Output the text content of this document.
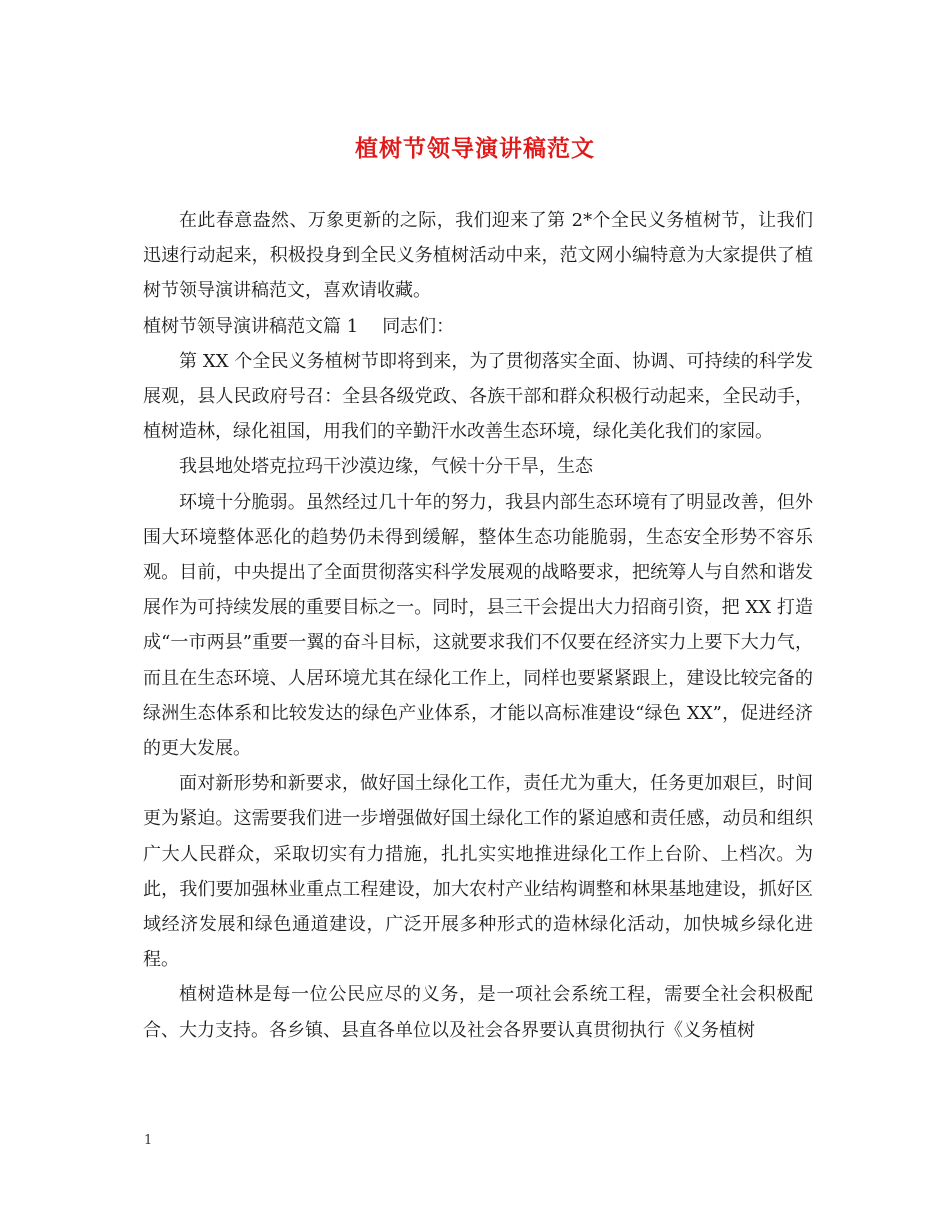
植树节领导演讲稿范文

在此春意盎然、万象更新的之际，我们迎来了第 2*个全民义务植树节，让我们迅速行动起来，积极投身到全民义务植树活动中来，范文网小编特意为大家提供了植树节领导演讲稿范文，喜欢请收藏。

植树节领导演讲稿范文篇 1 同志们：

第 XX 个全民义务植树节即将到来，为了贯彻落实全面、协调、可持续的科学发展观，县人民政府号召：全县各级党政、各族干部和群众积极行动起来，全民动手，植树造林，绿化祖国，用我们的辛勤汗水改善生态环境，绿化美化我们的家园。

我县地处塔克拉玛干沙漠边缘，气候十分干旱，生态

环境十分脆弱。虽然经过几十年的努力，我县内部生态环境有了明显改善，但外围大环境整体恶化的趋势仍未得到缓解，整体生态功能脆弱，生态安全形势不容乐观。目前，中央提出了全面贯彻落实科学发展观的战略要求，把统筹人与自然和谐发展作为可持续发展的重要目标之一。同时，县三干会提出大力招商引资，把 XX 打造成“一市两县”重要一翼的奋斗目标，这就要求我们不仅要在经济实力上要下大力气，而且在生态环境、人居环境尤其在绿化工作上，同样也要紧紧跟上，建设比较完备的绿洲生态体系和比较发达的绿色产业体系，才能以高标准建设“绿色 XX”，促进经济的更大发展。

面对新形势和新要求，做好国土绿化工作，责任尤为重大，任务更加艰巨，时间更为紧迫。这需要我们进一步增强做好国土绿化工作的紧迫感和责任感，动员和组织广大人民群众，采取切实有力措施，扎扎实实地推进绿化工作上台阶、上档次。为此，我们要加强林业重点工程建设，加大农村产业结构调整和林果基地建设，抓好区域经济发展和绿色通道建设，广泛开展多种形式的造林绿化活动，加快城乡绿化进程。

植树造林是每一位公民应尽的义务，是一项社会系统工程，需要全社会积极配合、大力支持。各乡镇、县直各单位以及社会各界要认真贯彻执行《义务植树

1
